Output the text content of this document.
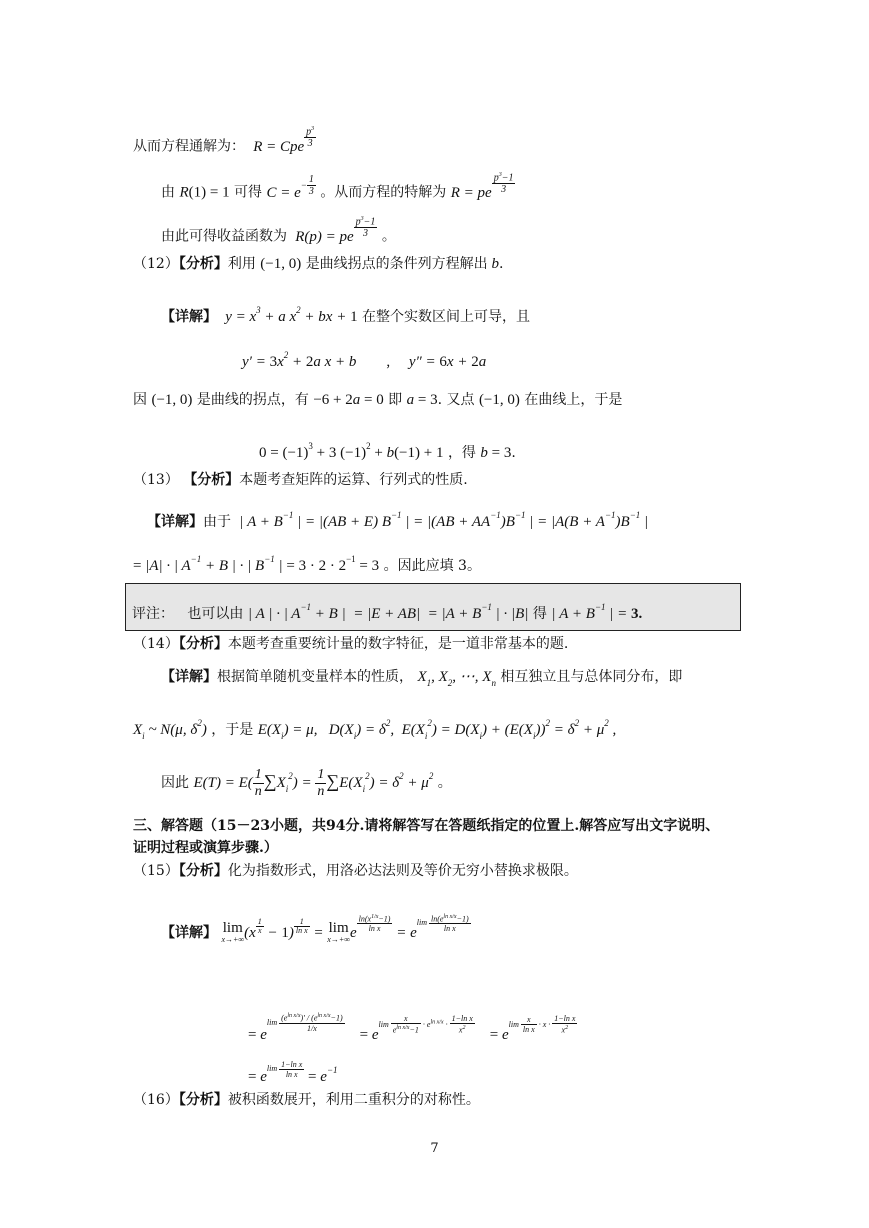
从而方程通解为：  R = Cpe $^{\frac{p^3}{3}}$
由 R(1) = 1 可得 $C = e^{- \frac{1}{3}}$ 。从而方程的特解为 R = pe $^{\frac{p^3-1}{3}}$
由此可得收益函数为  R(p) = pe $^{\frac{p^3-1}{3}}$ 。
（12）【分析】利用 (−1, 0) 是曲线拐点的条件列方程解出 b.
【详解】  $y = x^3 + a$ $x^2$ + bx + 1 在整个实数区间上可导，且
$y' = 3x^2 + 2a$ x + b        ,     y″ = 6x + 2a
因 (−1, 0) 是曲线的拐点，有 −6 + 2a = 0 即 a = 3. 又点 (−1, 0) 在曲线上，于是
$0 = (-1)^3 + 3$ $(-1)^2 + b(-1) + 1$ ，得 b = 3.
（13） 【分析】本题考查矩阵的运算、行列式的性质.
【详解】由于  | $A + B^{-1}$ | = |(AB + E) $B^{-1}$ | = $|(AB + AA^{-1})B^{-1}$ | = $|A(B + A^{-1})B^{-1}$ |
= |A| · | $A^{-1} + B$ | · | $B^{-1}$ | = $3 \cdot 2 \cdot 2^{-1} = 3$ 。因此应填 3。
评注： 也可以由 | A | · | $A^{-1} + B$ |  = $|E + AB| = |A + B^{-1}$ | · |B| 得 | $A + B^{-1}$ | = 3.
（14）【分析】本题考查重要统计量的数字特征，是一道非常基本的题.
【详解】根据简单随机变量样本的性质， $X_1$, $X_2$, ⋯, $X_n$ 相互独立且与总体同分布，即
$X_i$ ~ N(μ, $\delta^2$) ，于是 $E(X_i) = \mu$,   $D(X_i) = \delta^2$,  $E(X_i^2) = D(X_i) + (E(X_i))^2 = \delta^2 + \mu^2$ ,
因此 $E(T) = E( \frac{1}{n} \sum X_i^2) = \frac{1}{n} \sum E(X_i^2) = \delta^2 + \mu^2$ 。
三、解答题（15－23小题，共94分.请将解答写在答题纸指定的位置上.解答应写出文字说明、
证明过程或演算步骤.）
（15）【分析】化为指数形式，用洛必达法则及等价无穷小替换求极限。
【详解】 lim
x→+∞ (x $^{\frac{1}{x}}$ − 1) $^{\frac{1}{\text{ln x}}}$ = lim
x→+∞ e $^{\frac{\ln(x^{1/x}-1)}{\text{ln x}}} = e^{lim \frac{\ln(e^{ln x/x}-1)}{\text{ln x}}}$
= $e^{lim \frac{(e^{ln x/x})' / (e^{ln x/x}-1)}{1/x}}$
= $e^{lim \frac{x}{e^{ln x/x}-1} \cdot e^{ln x/x} \cdot \frac{\text{1−ln x}}{x^2}} = e^{lim \frac{x}{\text{ln x}} \cdot x \cdot \frac{\text{1−ln x}}{x^2}}$
= $e^{lim \frac{\text{1−ln x}}{\text{ln x}}} = e^{-1}$
（16）【分析】被积函数展开，利用二重积分的对称性。
7
